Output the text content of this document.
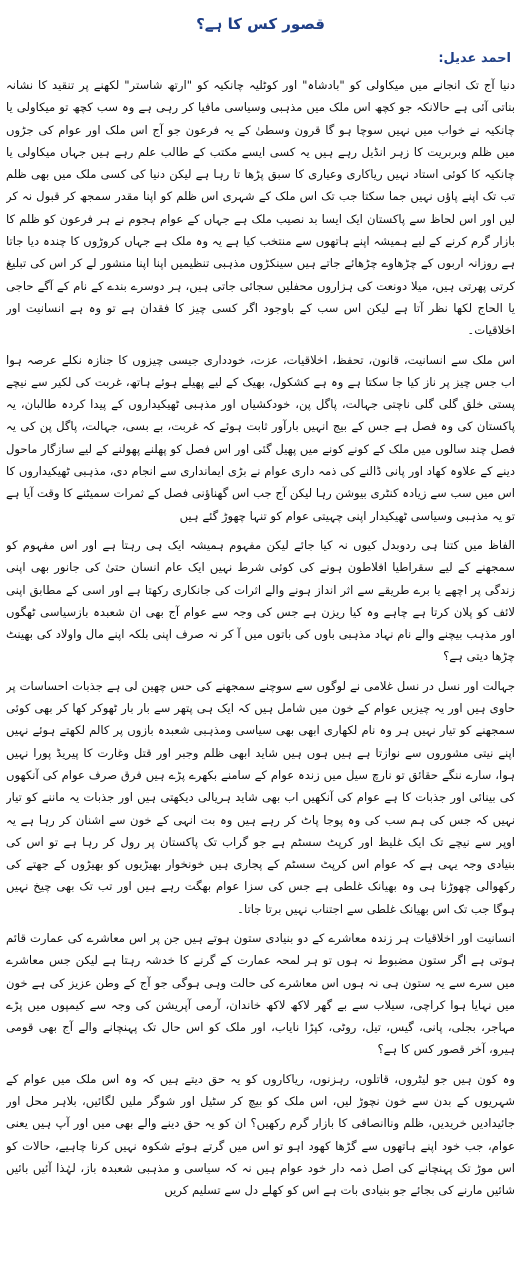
قصور کس کا ہے؟
احمد عدیل:

دنیا آج تک انجانے میں میکاولی کو "بادشاہ" اور کوٹلیہ چانکیہ کو "ارتھ شاستر" لکھنے پر تنقید کا نشانہ بناتی آئی ہے حالانکہ جو کچھ اس ملک میں مذہبی وسیاسی مافیا کر رہی ہے وہ سب کچھ تو میکاولی یا چانکیہ نے خواب میں نہیں سوچا ہو گا قرون وسطیٰ کے یہ فرعون جو آج اس ملک اور عوام کی جڑوں میں ظلم وبربریت کا زہر انڈیل رہے ہیں یہ کسی ایسے مکتب کے طالب علم رہے ہیں جہاں میکاولی یا چانکیہ کا کوئی استاد نہیں ریاکاری وعیاری کا سبق پڑھا تا رہا ہے لیکن دنیا کی کسی ملک میں بھی ظلم تب تک اپنے پاؤں نہیں جما سکتا جب تک اس ملک کے شہری اس ظلم کو اپنا مقدر سمجھ کر قبول نہ کر لیں اور اس لحاظ سے پاکستان ایک ایسا بد نصیب ملک ہے جہاں کے عوام ہجوم نے ہر فرعون کو ظلم کا بازار گرم کرنے کے لیے ہمیشہ اپنے ہاتھوں سے منتخب کیا ہے یہ وہ ملک ہے جہاں کروڑوں کا چندہ دیا جاتا ہے روزانہ اربوں کے چڑھاوے چڑھائے جاتے ہیں سینکڑوں مذہبی تنظیمیں اپنا اپنا منشور لے کر اس کی تبلیغ کرتی پھرتی ہیں، میلا دونعت کی ہزاروں محفلیں سجائی جاتی ہیں، ہر دوسرے بندے کے نام کے آگے حاجی یا الحاج لکھا نظر آتا ہے لیکن اس سب کے باوجود اگر کسی چیز کا فقدان ہے تو وہ ہے انسانیت اور اخلاقیات۔

اس ملک سے انسانیت، قانون، تحفظ، اخلاقیات، عزت، خودداری جیسی چیزوں کا جنازہ نکلے عرصہ ہوا اب جس چیز پر ناز کیا جا سکتا ہے وہ ہے کشکول، بھیک کے لیے پھیلے ہوئے ہاتھ، غربت کی لکیر سے نیچے پستی خلق گلی گلی ناچتی جہالت، پاگل پن، خودکشیاں اور مذہبی ٹھیکیداروں کے پیدا کردہ طالبان، یہ پاکستان کی وہ فصل ہے جس کے بیج انہیں بارآور ثابت ہوئے کہ غربت، بے بسی، جہالت، پاگل پن کی یہ فصل چند سالوں میں ملک کے کونے کونے میں پھیل گئی اور اس فصل کو پھلنے پھولنے کے لیے سازگار ماحول دینے کے علاوہ کھاد اور پانی ڈالنے کی ذمہ داری عوام نے بڑی ایمانداری سے انجام دی، مذہبی ٹھیکیداروں کا اس میں سب سے زیادہ کنٹری بیوشن رہا لیکن آج جب اس گھناؤنی فصل کے ثمرات سمیٹنے کا وقت آیا ہے تو یہ مذہبی وسیاسی ٹھیکیدار اپنی چہیتی عوام کو تنہا چھوڑ گئے ہیں

الفاظ میں کتنا ہی ردوبدل کیوں نہ کیا جائے لیکن مفہوم ہمیشہ ایک ہی رہتا ہے اور اس مفہوم کو سمجھنے کے لیے سقراطیا افلاطون ہونے کی کوئی شرط نہیں ایک عام انسان حتیٰ کی جانور بھی اپنی زندگی پر اچھے یا برے طریقے سے اثر انداز ہونے والے اثرات کی جانکاری رکھتا ہے اور اسی کے مطابق اپنی لائف کو پلان کرتا ہے چاہے وہ کیا ریزن ہے جس کی وجہ سے عوام آج بھی ان شعبدہ بازسیاسی ٹھگوں اور مذہب بیچنے والے نام نہاد مذہبی باوں کی باتوں میں آ کر نہ صرف اپنی بلکہ اپنے مال واولاد کی بھینٹ چڑھا دیتی ہے؟

جہالت اور نسل در نسل غلامی نے لوگوں سے سوچنے سمجھنے کی حس چھین لی ہے جذبات احساسات پر حاوی ہیں اور یہ چیزیں عوام کے خون میں شامل ہیں کہ ایک ہی پتھر سے بار بار ٹھوکر کھا کر بھی کوئی سمجھنے کو تیار نہیں ہر وہ نام لکھاری ابھی بھی سیاسی ومذہبی شعبدہ بازوں پر کالم لکھتے ہوئے نہیں اپنے نیتی مشوروں سے نوازتا ہے ہیں ہوں ہیں شاید ابھی ظلم وجبر اور قتل وغارت کا پیریڈ پورا نہیں ہوا، سارے ننگے حقائق تو نارچ سیل میں زندہ عوام کے سامنے بکھرے پڑے ہیں فرق صرف عوام کی آنکھوں کی بینائی اور جذبات کا ہے عوام کی آنکھیں اب بھی شاید ہریالی دیکھتی ہیں اور جذبات یہ ماننے کو تیار نہیں کہ جس کی ہم سب کی وہ پوجا پاٹ کر رہے ہیں وہ بت انہی کے خون سے اشنان کر رہا ہے یہ اوپر سے نیچے تک ایک غلیظ اور کرپٹ سسٹم ہے جو گراب تک پاکستان پر رول کر رہا ہے تو اس کی بنیادی وجہ یہی ہے کہ عوام اس کرپٹ سسٹم کے پجاری ہیں خونخوار بھیڑیوں کو بھیڑوں کے جھتے کی رکھوالی چھوڑنا ہی وہ بھیانک غلطی ہے جس کی سزا عوام بھگت رہے ہیں اور تب تک بھی چیخ نہیں ہوگا جب تک اس بھیانک غلطی سے اجتناب نہیں برتا جاتا۔

انسانیت اور اخلاقیات ہر زندہ معاشرے کے دو بنیادی ستون ہوتے ہیں جن پر اس معاشرے کی عمارت قائم ہوتی ہے اگر ستون مضبوط نہ ہوں تو ہر لمحہ عمارت کے گرنے کا خدشہ رہتا ہے لیکن جس معاشرے میں سرے سے یہ ستون ہی نہ ہوں اس معاشرے کی حالت وہی ہوگی جو آج کے وطن عزیز کی ہے خون میں نہایا ہوا کراچی، سیلاب سے بے گھر لاکھ لاکھ خاندان، آرمی آپریشن کی وجہ سے کیمپوں میں پڑے مہاجر، بجلی، پانی، گیس، تیل، روٹی، کپڑا نایاب، اور ملک کو اس حال تک پہنچانے والے آج بھی قومی ہیرو، آخر قصور کس کا ہے؟

وہ کون ہیں جو لیٹروں، قاتلوں، رہزنوں، ریاکاروں کو یہ حق دیتے ہیں کہ وہ اس ملک میں عوام کے شہریوں کے بدن سے خون نچوڑ لیں، اس ملک کو بیچ کر سٹیل اور شوگر ملیں لگائیں، بلاہر محل اور جائیدادیں خریدیں، ظلم وناانصافی کا بازار گرم رکھیں؟ ان کو یہ حق دینے والے بھی میں اور آپ ہیں یعنی عوام، جب خود اپنے ہاتھوں سے گڑھا کھود اہو تو اس میں گرتے ہوئے شکوہ نہیں کرنا چاہیے، حالات کو اس موڑ تک پہنچانے کی اصل ذمہ دار خود عوام ہیں نہ کہ سیاسی و مذہبی شعبدہ باز، لہٰذا آئیں بائیں شائیں مارنے کی بجائے جو بنیادی بات ہے اس کو کھلے دل سے تسلیم کریں
